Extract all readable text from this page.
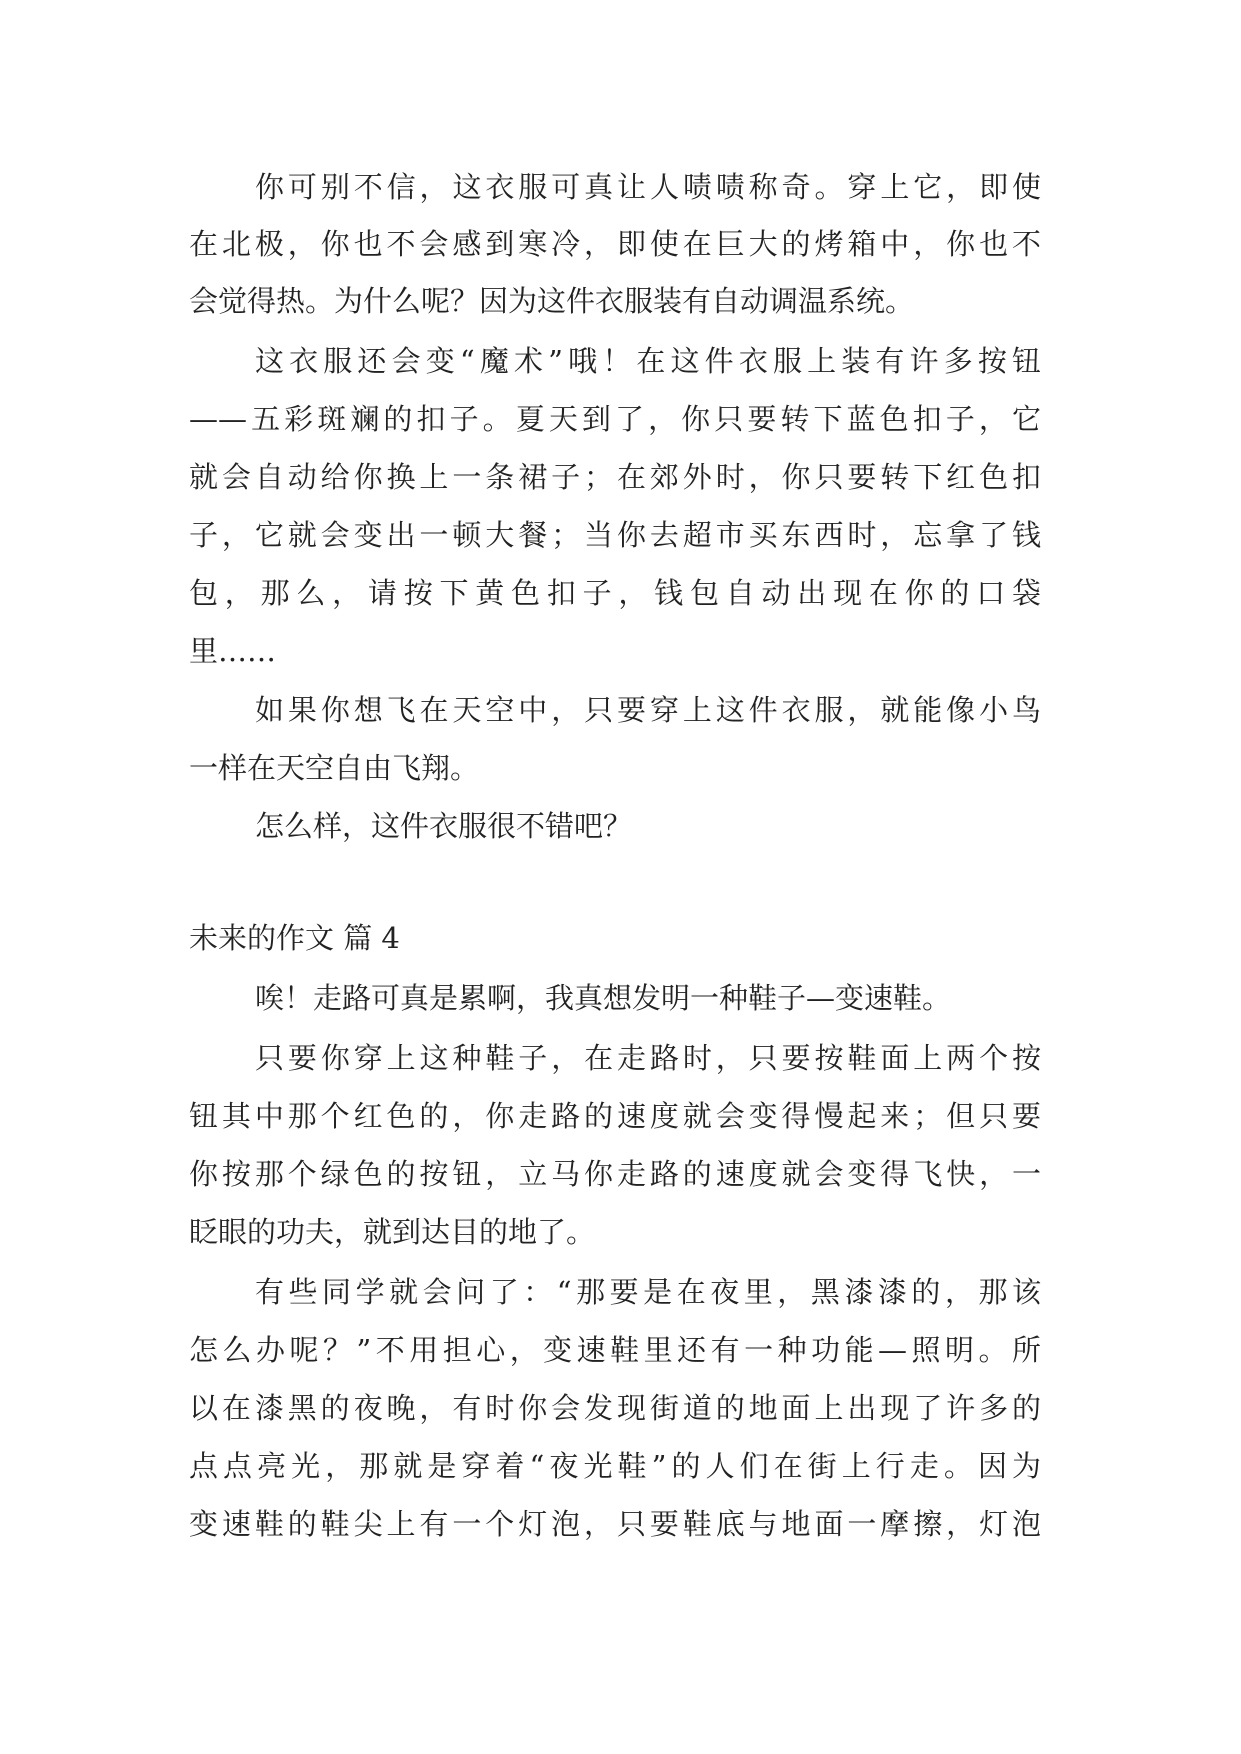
你可别不信，这衣服可真让人啧啧称奇。穿上它，即使
在北极，你也不会感到寒冷，即使在巨大的烤箱中，你也不
会觉得热。为什么呢？因为这件衣服装有自动调温系统。
这衣服还会变“魔术”哦！在这件衣服上装有许多按钮
——五彩斑斓的扣子。夏天到了，你只要转下蓝色扣子，它
就会自动给你换上一条裙子；在郊外时，你只要转下红色扣
子，它就会变出一顿大餐；当你去超市买东西时，忘拿了钱
包，那么，请按下黄色扣子，钱包自动出现在你的口袋
里……
如果你想飞在天空中，只要穿上这件衣服，就能像小鸟
一样在天空自由飞翔。
怎么样，这件衣服很不错吧？
未来的作文 篇 4
唉！走路可真是累啊，我真想发明一种鞋子—变速鞋。
只要你穿上这种鞋子，在走路时，只要按鞋面上两个按
钮其中那个红色的，你走路的速度就会变得慢起来；但只要
你按那个绿色的按钮，立马你走路的速度就会变得飞快，一
眨眼的功夫，就到达目的地了。
有些同学就会问了：“那要是在夜里，黑漆漆的，那该
怎么办呢？”不用担心，变速鞋里还有一种功能—照明。所
以在漆黑的夜晚，有时你会发现街道的地面上出现了许多的
点点亮光，那就是穿着“夜光鞋”的人们在街上行走。因为
变速鞋的鞋尖上有一个灯泡，只要鞋底与地面一摩擦，灯泡
